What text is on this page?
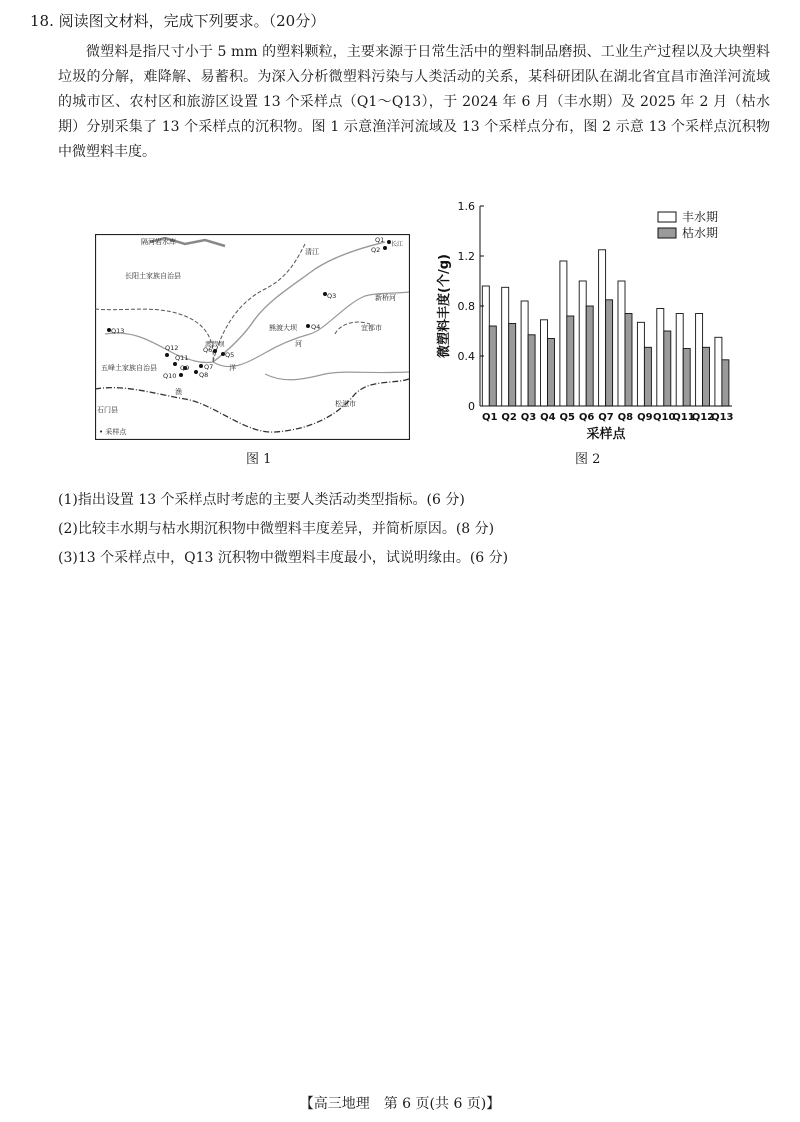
18. 阅读图文材料，完成下列要求。（20分）
微塑料是指尺寸小于 5 mm 的塑料颗粒，主要来源于日常生活中的塑料制品磨损、工业生产过程以及大块塑料垃圾的分解，难降解、易蓄积。为深入分析微塑料污染与人类活动的关系，某科研团队在湖北省宜昌市渔洋河流域的城市区、农村区和旅游区设置 13 个采样点（Q1～Q13），于 2024 年 6 月（丰水期）及 2025 年 2 月（枯水期）分别采集了 13 个采样点的沉积物。图 1 示意渔洋河流域及 13 个采样点分布，图 2 示意 13 个采样点沉积物中微塑料丰度。
Q1
Q2
Q3
Q4
Q5
Q6
Q7
Q8
Q9
Q10
Q11
Q12
Q13
隔河岩水库
长阳土家族自治县
清江
长江
新桥河
熊渡大坝	宜都市
渡假坝
五峰土家族自治县
渔
洋
河
松滋市
石门县
• 采样点
图 1
0
0.4
0.8
1.2
1.6
Q1 Q2 Q3 Q4 Q5 Q6 Q7 Q8 Q9 Q10
Q11
Q12
Q13
微塑料丰度(个/g)
采样点
丰水期
枯水期
图 2
(1)指出设置 13 个采样点时考虑的主要人类活动类型指标。(6 分)
(2)比较丰水期与枯水期沉积物中微塑料丰度差异，并简析原因。(8 分)
(3)13 个采样点中，Q13 沉积物中微塑料丰度最小，试说明缘由。(6 分)
【高三地理　第 6 页(共 6 页)】
